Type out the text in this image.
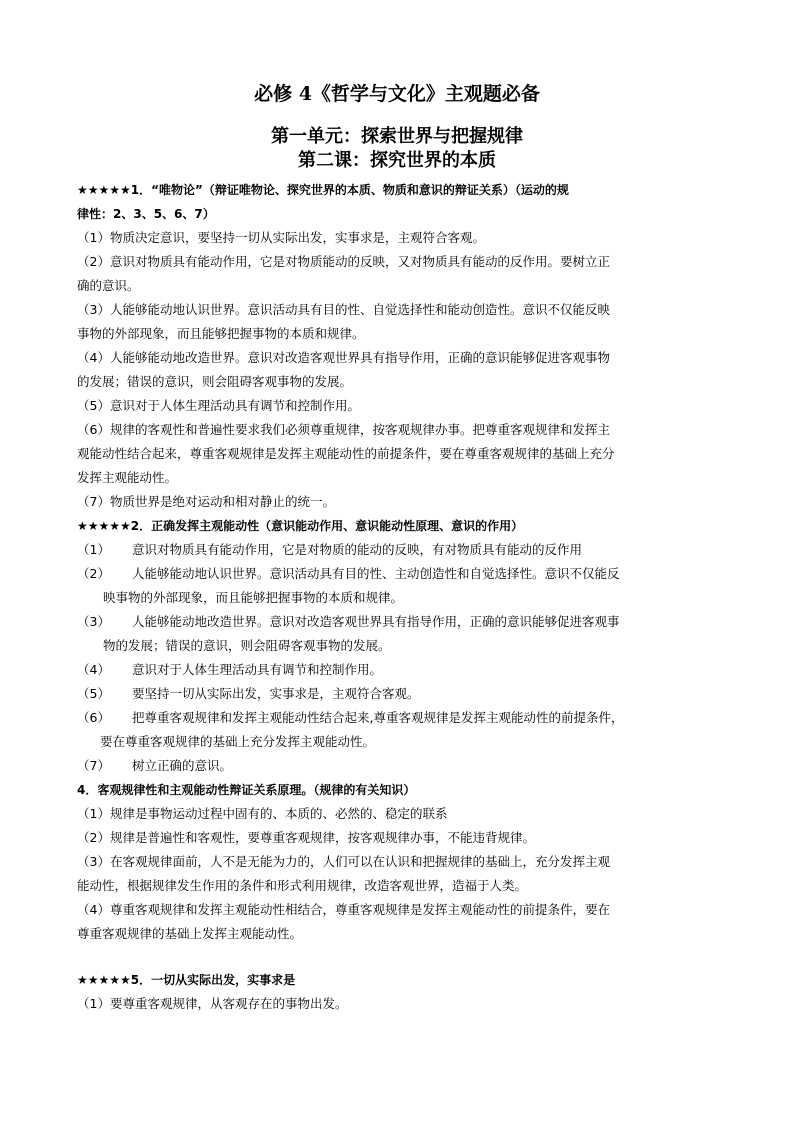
必修 4《哲学与文化》主观题必备
第一单元：探索世界与把握规律
第二课：探究世界的本质
★★★★★1．“唯物论”（辩证唯物论、探究世界的本质、物质和意识的辩证关系）（运动的规
律性：2、3、5、6、7）
（1）物质决定意识，要坚持一切从实际出发，实事求是，主观符合客观。
（2）意识对物质具有能动作用，它是对物质能动的反映，又对物质具有能动的反作用。要树立正
确的意识。
（3）人能够能动地认识世界。意识活动具有目的性、自觉选择性和能动创造性。意识不仅能反映
事物的外部现象，而且能够把握事物的本质和规律。
（4）人能够能动地改造世界。意识对改造客观世界具有指导作用，正确的意识能够促进客观事物
的发展；错误的意识，则会阻碍客观事物的发展。
（5）意识对于人体生理活动具有调节和控制作用。
（6）规律的客观性和普遍性要求我们必须尊重规律，按客观规律办事。把尊重客观规律和发挥主
观能动性结合起来，尊重客观规律是发挥主观能动性的前提条件，要在尊重客观规律的基础上充分
发挥主观能动性。
（7）物质世界是绝对运动和相对静止的统一。
★★★★★2．正确发挥主观能动性（意识能动作用、意识能动性原理、意识的作用）
（1） 意识对物质具有能动作用，它是对物质的能动的反映，有对物质具有能动的反作用
（2） 人能够能动地认识世界。意识活动具有目的性、主动创造性和自觉选择性。意识不仅能反
映事物的外部现象，而且能够把握事物的本质和规律。
（3） 人能够能动地改造世界。意识对改造客观世界具有指导作用，正确的意识能够促进客观事
物的发展；错误的意识，则会阻碍客观事物的发展。
（4） 意识对于人体生理活动具有调节和控制作用。
（5） 要坚持一切从实际出发，实事求是，主观符合客观。
（6） 把尊重客观规律和发挥主观能动性结合起来,尊重客观规律是发挥主观能动性的前提条件，
要在尊重客观规律的基础上充分发挥主观能动性。
（7） 树立正确的意识。
4．客观规律性和主观能动性辩证关系原理。（规律的有关知识）
（1）规律是事物运动过程中固有的、本质的、必然的、稳定的联系
（2）规律是普遍性和客观性，要尊重客观规律，按客观规律办事，不能违背规律。
（3）在客观规律面前，人不是无能为力的，人们可以在认识和把握规律的基础上，充分发挥主观
能动性，根据规律发生作用的条件和形式利用规律，改造客观世界，造福于人类。
（4）尊重客观规律和发挥主观能动性相结合，尊重客观规律是发挥主观能动性的前提条件，要在
尊重客观规律的基础上发挥主观能动性。
★★★★★5．一切从实际出发，实事求是
（1）要尊重客观规律，从客观存在的事物出发。
